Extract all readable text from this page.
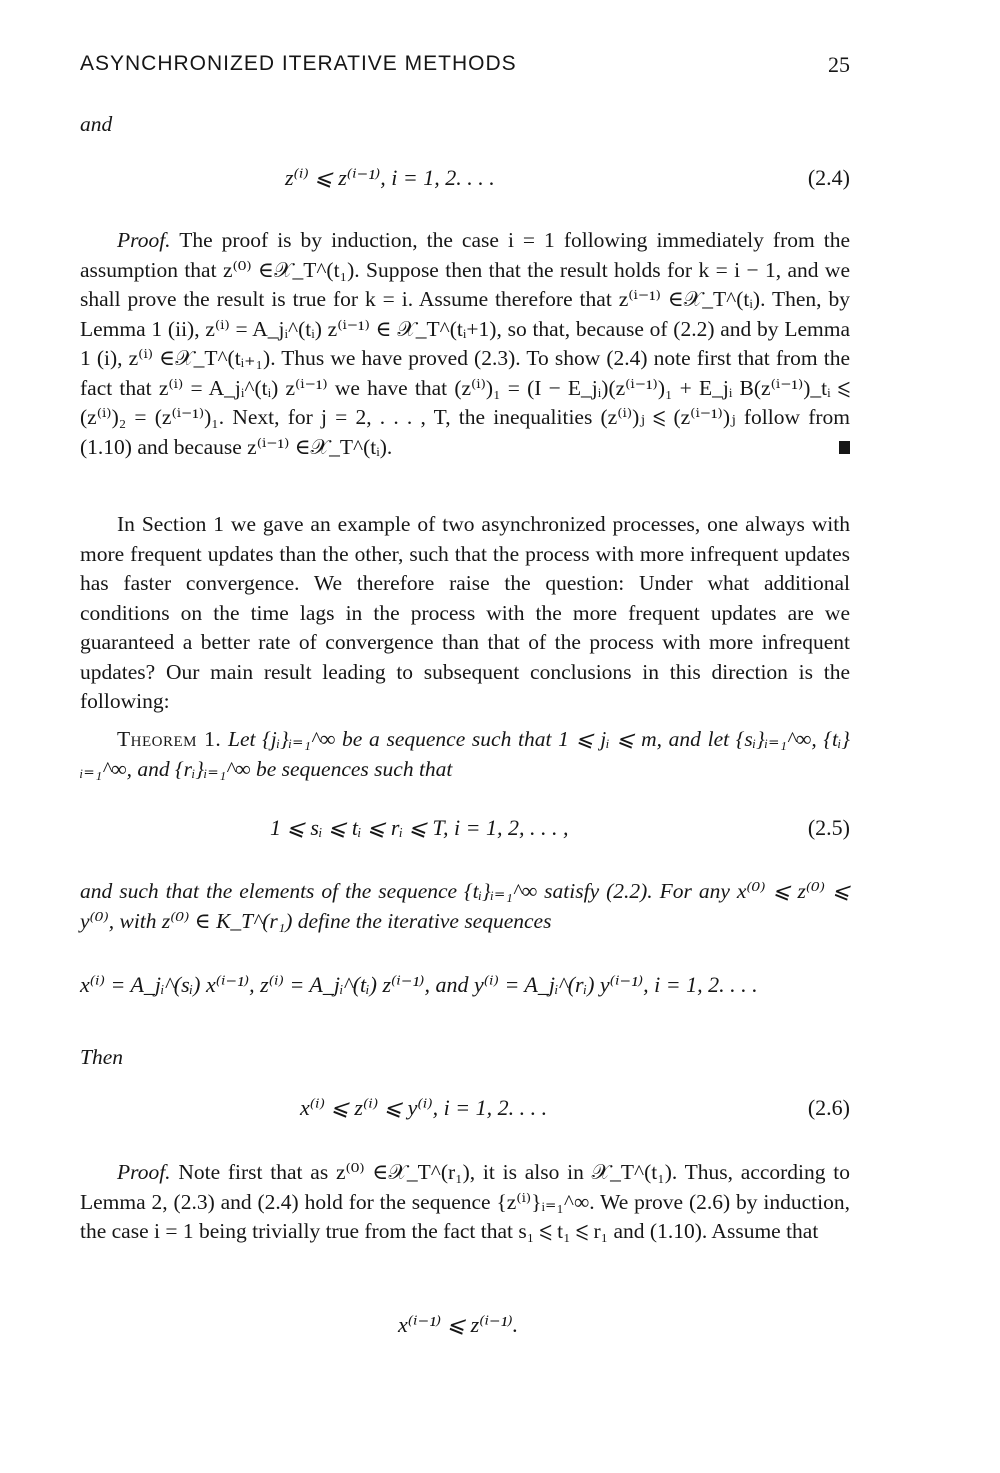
ASYNCHRONIZED ITERATIVE METHODS	25
and
z⁽ⁱ⁾ ⩽ z⁽ⁱ⁻¹⁾, i = 1, 2. . . .	(2.4)
Proof. The proof is by induction, the case i = 1 following immediately from the assumption that z⁽⁰⁾ ∈𝒳_T^(t₁). Suppose then that the result holds for k = i − 1, and we shall prove the result is true for k = i. Assume therefore that z⁽ⁱ⁻¹⁾ ∈𝒳_T^(tᵢ). Then, by Lemma 1 (ii), z⁽ⁱ⁾ = A_jᵢ^(tᵢ) z⁽ⁱ⁻¹⁾ ∈ 𝒳_T^(tᵢ+1), so that, because of (2.2) and by Lemma 1 (i), z⁽ⁱ⁾ ∈𝒳_T^(tᵢ₊₁). Thus we have proved (2.3). To show (2.4) note first that from the fact that z⁽ⁱ⁾ = A_jᵢ^(tᵢ) z⁽ⁱ⁻¹⁾ we have that (z⁽ⁱ⁾)₁ = (I − E_jᵢ)(z⁽ⁱ⁻¹⁾)₁ + E_jᵢ B(z⁽ⁱ⁻¹⁾)_tᵢ ⩽ (z⁽ⁱ⁾)₂ = (z⁽ⁱ⁻¹⁾)₁. Next, for j = 2, . . . , T, the inequalities (z⁽ⁱ⁾)ⱼ ⩽ (z⁽ⁱ⁻¹⁾)ⱼ follow from (1.10) and because z⁽ⁱ⁻¹⁾ ∈𝒳_T^(tᵢ).
In Section 1 we gave an example of two asynchronized processes, one always with more frequent updates than the other, such that the process with more infrequent updates has faster convergence. We therefore raise the question: Under what additional conditions on the time lags in the process with the more frequent updates are we guaranteed a better rate of convergence than that of the process with more infrequent updates? Our main result leading to subsequent conclusions in this direction is the following:
Theorem 1. Let {jᵢ}ᵢ₌₁^∞ be a sequence such that 1 ⩽ jᵢ ⩽ m, and let {sᵢ}ᵢ₌₁^∞, {tᵢ}ᵢ₌₁^∞, and {rᵢ}ᵢ₌₁^∞ be sequences such that
1 ⩽ sᵢ ⩽ tᵢ ⩽ rᵢ ⩽ T, i = 1, 2, . . . ,	(2.5)
and such that the elements of the sequence {tᵢ}ᵢ₌₁^∞ satisfy (2.2). For any x⁽⁰⁾ ⩽ z⁽⁰⁾ ⩽ y⁽⁰⁾, with z⁽⁰⁾ ∈ K_T^(r₁) define the iterative sequences
x⁽ⁱ⁾ = A_jᵢ^(sᵢ) x⁽ⁱ⁻¹⁾, z⁽ⁱ⁾ = A_jᵢ^(tᵢ) z⁽ⁱ⁻¹⁾, and y⁽ⁱ⁾ = A_jᵢ^(rᵢ) y⁽ⁱ⁻¹⁾, i = 1, 2. . . .
Then
x⁽ⁱ⁾ ⩽ z⁽ⁱ⁾ ⩽ y⁽ⁱ⁾, i = 1, 2. . . .	(2.6)
Proof. Note first that as z⁽⁰⁾ ∈𝒳_T^(r₁), it is also in 𝒳_T^(t₁). Thus, according to Lemma 2, (2.3) and (2.4) hold for the sequence {z⁽ⁱ⁾}ᵢ₌₁^∞. We prove (2.6) by induction, the case i = 1 being trivially true from the fact that s₁ ⩽ t₁ ⩽ r₁ and (1.10). Assume that
x⁽ⁱ⁻¹⁾ ⩽ z⁽ⁱ⁻¹⁾.
